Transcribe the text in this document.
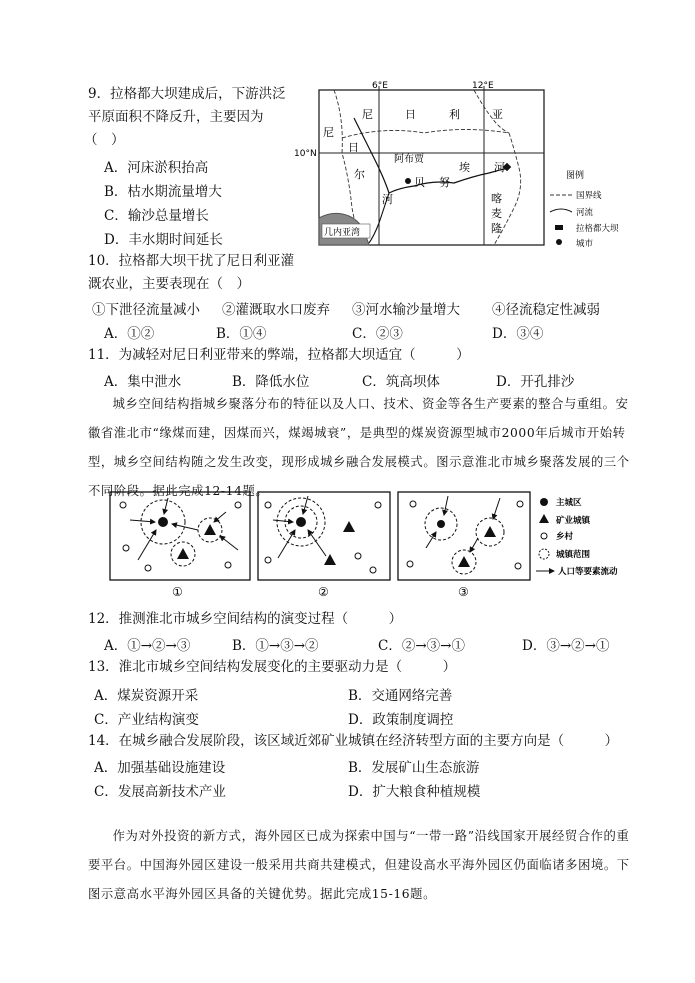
9．拉格都大坝建成后，下游洪泛
平原面积不降反升，主要因为
（　）
A．河床淤积抬高
B．枯水期流量增大
C．输沙总量增长
D．丰水期时间延长
6°E	12°E
10°N
几内亚湾
尼
日
尼	日	利	亚
尔
河
阿布贾
贝 努
埃 河
喀
麦
隆
图例
国界线
河流
拉格都大坝
城市
10．拉格都大坝干扰了尼日利亚灌
溉农业，主要表现在（　）
①下泄径流量减小 ②灌溉取水口废弃 ③河水输沙量增大 ④径流稳定性减弱
A．①②	B．①④	C．②③	D．③④
11．为减轻对尼日利亚带来的弊端，拉格都大坝适宜（　　　）
A．集中泄水	B．降低水位	C．筑高坝体	D．开孔排沙
城乡空间结构指城乡聚落分布的特征以及人口、技术、资金等各生产要素的整合与重组。安徽省淮北市“缘煤而建，因煤而兴，煤竭城衰”，是典型的煤炭资源型城市2000年后城市开始转型，城乡空间结构随之发生改变，现形成城乡融合发展模式。图示意淮北市城乡聚落发展的三个不同阶段。据此完成12-14题。
①	②	③
主城区
矿业城镇
乡村
城镇范围
人口等要素流动
12．推测淮北市城乡空间结构的演变过程（　　　）
A．①→②→③	B．①→③→②	C．②→③→①	D．③→②→①
13．淮北市城乡空间结构发展变化的主要驱动力是（　　　）
A．煤炭资源开采	B．交通网络完善
C．产业结构演变	D．政策制度调控
14．在城乡融合发展阶段，该区域近郊矿业城镇在经济转型方面的主要方向是（　　　）
A．加强基础设施建设	B．发展矿山生态旅游
C．发展高新技术产业	D．扩大粮食种植规模
作为对外投资的新方式，海外园区已成为探索中国与“一带一路”沿线国家开展经贸合作的重要平台。中国海外园区建设一般采用共商共建模式，但建设高水平海外园区仍面临诸多困境。下图示意高水平海外园区具备的关键优势。据此完成15-16题。
